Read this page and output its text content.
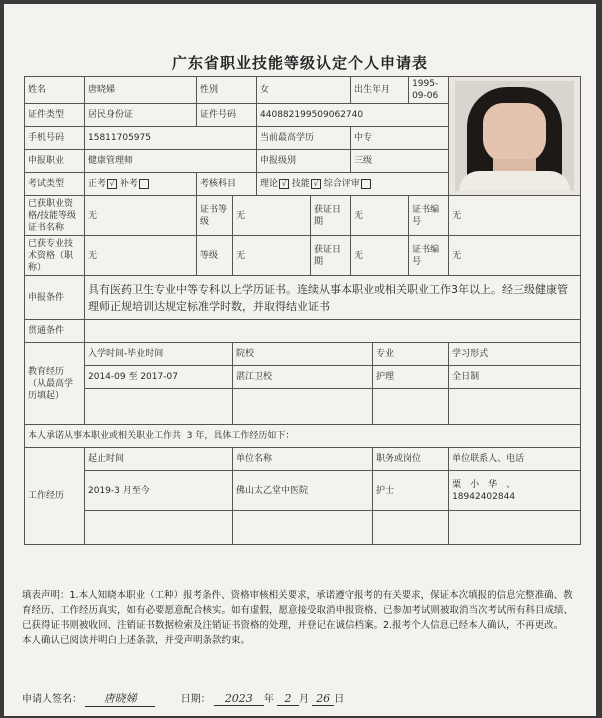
广东省职业技能等级认定个人申请表
姓名	唐晓娣	性别		女		出生年月		1995-09-06	

证件类型	居民身份证	证件号码		440882199509062740					
手机号码	15811705975			当前最高学历		中专			
申报职业	健康管理师			申报级别		三级			
考试类型	正考 √ 补考	考核科目		理论 √ 技能 √ 综合评审					
已获职业资格/技能等级证书名称	无	证书等级	无		获证日期	无		证书编号	无
已获专业技术资格（职称）	无	等级	无		获证日期	无		证书编号	无
申报条件	具有医药卫生专业中等专科以上学历证书。连续从事本职业或相关职业工作3年以上。经三级健康管理师正规培训达规定标准学时数，并取得结业证书								
贯通条件									
教育经历（从最高学历填起）	入学时间-毕业时间		院校				专业		学习形式
	2014-09 至 2017-07		湛江卫校				护理		全日制

本人承诺从事本职业或相关职业工作共 3 年，具体工作经历如下：									
工作经历	起止时间		单位名称				职务或岗位		单位联系人、电话
	2019-3 月至今		佛山太乙堂中医院				护士		粟　小　华　、
18942402844

填表声明：1.本人知晓本职业（工种）报考条件、资格审核相关要求，承诺遵守报考的有关要求，保证本次填报的信息完整准确、教育经历、工作经历真实，如有必要愿意配合核实。如有虚假，愿意接受取消申报资格、已参加考试则被取消当次考试所有科目成绩、已获得证书则被收回、注销证书数据检索及注销证书资格的处理，并登记在诚信档案。2.报考个人信息已经本人确认，不再更改。
本人确认已阅读并明白上述条款，并受声明条款约束。
申请人签名： 唐晓娣	日期： 2023 年 2 月 26 日
